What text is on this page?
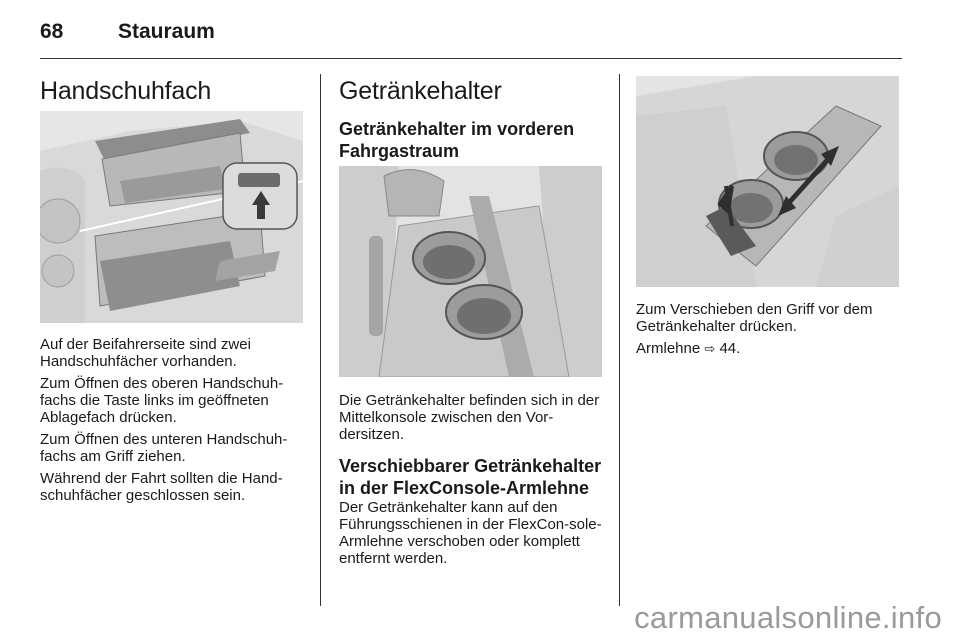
68	Stauraum
Handschuhfach

Auf der Beifahrerseite sind zwei Handschuhfächer vorhanden.

Zum Öffnen des oberen Handschuh-fachs die Taste links im geöffneten Ablagefach drücken.

Zum Öffnen des unteren Handschuh-fachs am Griff ziehen.

Während der Fahrt sollten die Hand-schuhfächer geschlossen sein.

Getränkehalter
Getränkehalter im vorderen Fahrgastraum

Die Getränkehalter befinden sich in der Mittelkonsole zwischen den Vor-dersitzen.

Verschiebbarer Getränkehalter in der FlexConsole-Armlehne

Der Getränkehalter kann auf den Führungsschienen in der FlexCon-sole-Armlehne verschoben oder komplett entfernt werden.

Zum Verschieben den Griff vor dem Getränkehalter drücken.

Armlehne ⇨ 44.

carmanualsonline.info
